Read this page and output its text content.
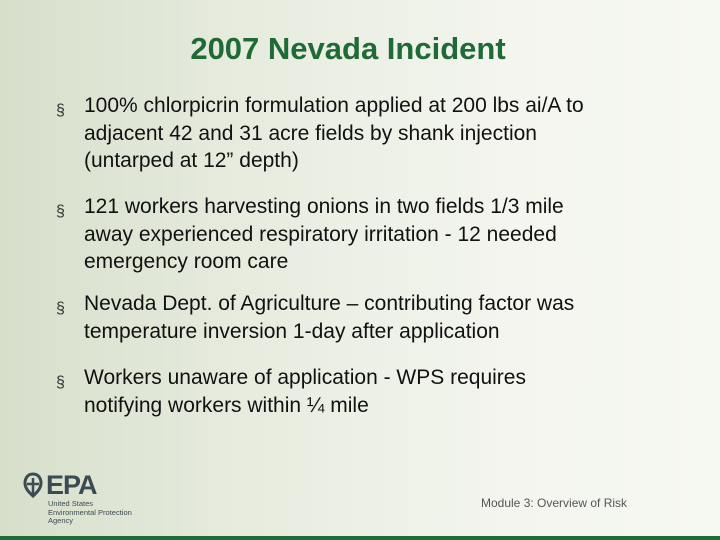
2007 Nevada Incident
§ 100% chlorpicrin formulation applied at 200 lbs ai/A to
adjacent 42 and 31 acre fields by shank injection
(untarped at 12” depth)
§ 121 workers harvesting onions in two fields 1/3 mile
away experienced respiratory irritation - 12 needed
emergency room care
§ Nevada Dept. of Agriculture – contributing factor was
temperature inversion 1-day after application
§ Workers unaware of application - WPS requires
notifying workers within ¼ mile
EPA
United States
Environmental Protection
Agency
Module 3: Overview of Risk
